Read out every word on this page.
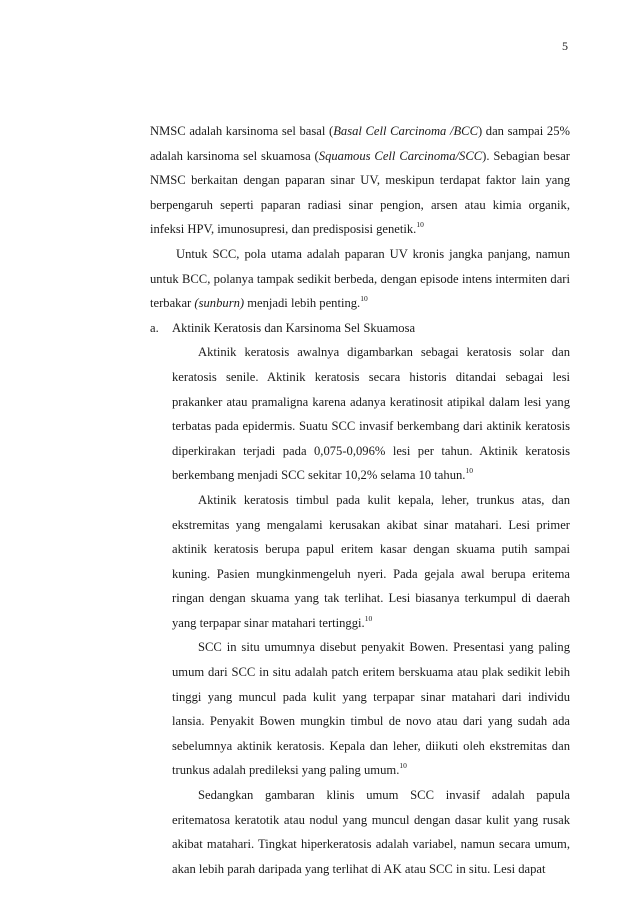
5

NMSC adalah karsinoma sel basal (Basal Cell Carcinoma /BCC) dan sampai 25% adalah karsinoma sel skuamosa (Squamous Cell Carcinoma/SCC). Sebagian besar NMSC berkaitan dengan paparan sinar UV, meskipun terdapat faktor lain yang berpengaruh seperti paparan radiasi sinar pengion, arsen atau kimia organik, infeksi HPV, imunosupresi, dan predisposisi genetik.$^{10}$

Untuk SCC, pola utama adalah paparan UV kronis jangka panjang, namun untuk BCC, polanya tampak sedikit berbeda, dengan episode intens intermiten dari terbakar (sunburn) menjadi lebih penting.$^{10}$

a. Aktinik Keratosis dan Karsinoma Sel Skuamosa

Aktinik keratosis awalnya digambarkan sebagai keratosis solar dan keratosis senile. Aktinik keratosis secara historis ditandai sebagai lesi prakanker atau pramaligna karena adanya keratinosit atipikal dalam lesi yang terbatas pada epidermis. Suatu SCC invasif berkembang dari aktinik keratosis diperkirakan terjadi pada 0,075-0,096% lesi per tahun. Aktinik keratosis berkembang menjadi SCC sekitar 10,2% selama 10 tahun.$^{10}$

Aktinik keratosis timbul pada kulit kepala, leher, trunkus atas, dan ekstremitas yang mengalami kerusakan akibat sinar matahari. Lesi primer aktinik keratosis berupa papul eritem kasar dengan skuama putih sampai kuning. Pasien mungkinmengeluh nyeri. Pada gejala awal berupa eritema ringan dengan skuama yang tak terlihat. Lesi biasanya terkumpul di daerah yang terpapar sinar matahari tertinggi.$^{10}$

SCC in situ umumnya disebut penyakit Bowen. Presentasi yang paling umum dari SCC in situ adalah patch eritem berskuama atau plak sedikit lebih tinggi yang muncul pada kulit yang terpapar sinar matahari dari individu lansia. Penyakit Bowen mungkin timbul de novo atau dari yang sudah ada sebelumnya aktinik keratosis. Kepala dan leher, diikuti oleh ekstremitas dan trunkus adalah predileksi yang paling umum.$^{10}$

Sedangkan gambaran klinis umum SCC invasif adalah papula eritematosa keratotik atau nodul yang muncul dengan dasar kulit yang rusak akibat matahari. Tingkat hiperkeratosis adalah variabel, namun secara umum, akan lebih parah daripada yang terlihat di AK atau SCC in situ. Lesi dapat
